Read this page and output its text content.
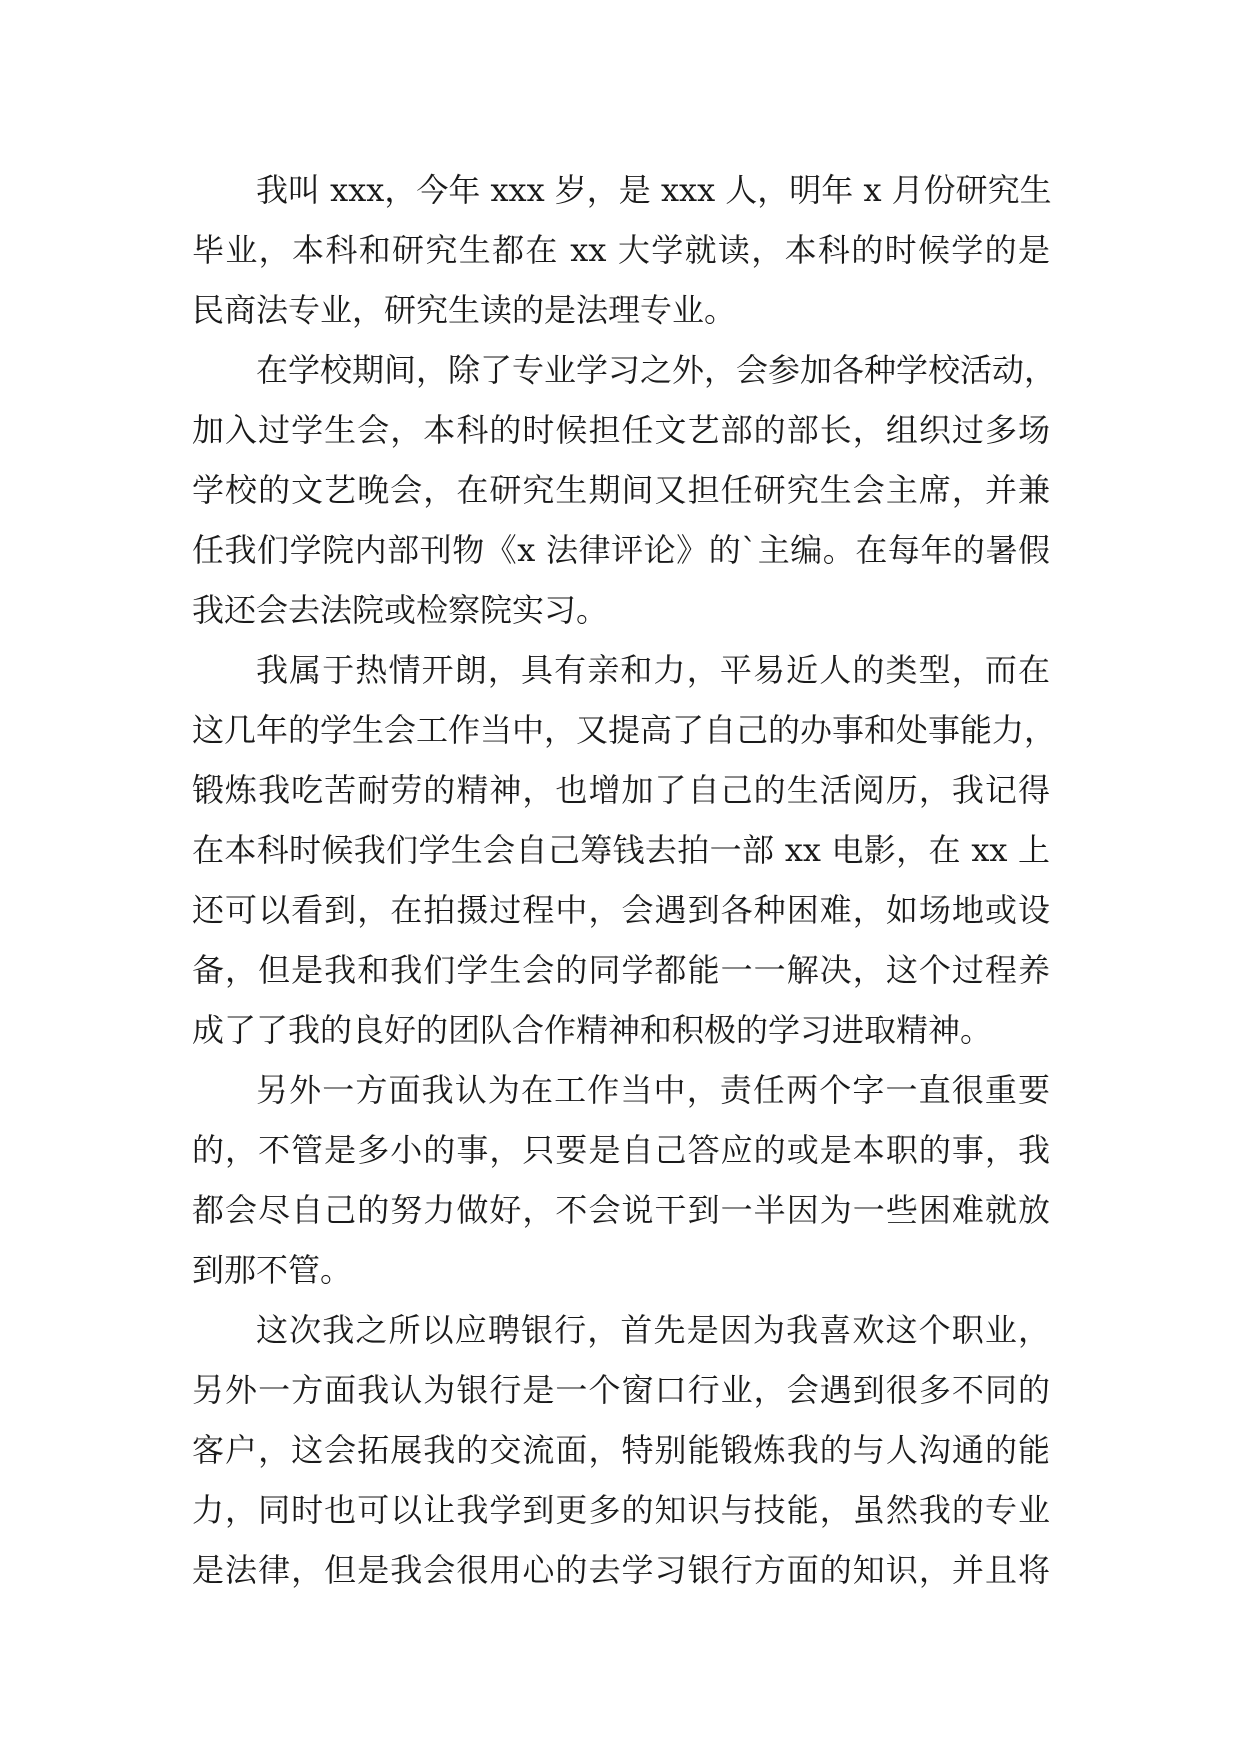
我叫 xxx，今年 xxx 岁，是 xxx 人，明年 x 月份研究生
毕业，本科和研究生都在 xx 大学就读，本科的时候学的是
民商法专业，研究生读的是法理专业。
在学校期间，除了专业学习之外，会参加各种学校活动，
加入过学生会，本科的时候担任文艺部的部长，组织过多场
学校的文艺晚会，在研究生期间又担任研究生会主席，并兼
任我们学院内部刊物《x 法律评论》的`主编。在每年的暑假
我还会去法院或检察院实习。
我属于热情开朗，具有亲和力，平易近人的类型，而在
这几年的学生会工作当中，又提高了自己的办事和处事能力，
锻炼我吃苦耐劳的精神，也增加了自己的生活阅历，我记得
在本科时候我们学生会自己筹钱去拍一部 xx 电影，在 xx 上
还可以看到，在拍摄过程中，会遇到各种困难，如场地或设
备，但是我和我们学生会的同学都能一一解决，这个过程养
成了了我的良好的团队合作精神和积极的学习进取精神。
另外一方面我认为在工作当中，责任两个字一直很重要
的，不管是多小的事，只要是自己答应的或是本职的事，我
都会尽自己的努力做好，不会说干到一半因为一些困难就放
到那不管。
这次我之所以应聘银行，首先是因为我喜欢这个职业，
另外一方面我认为银行是一个窗口行业，会遇到很多不同的
客户，这会拓展我的交流面，特别能锻炼我的与人沟通的能
力，同时也可以让我学到更多的知识与技能，虽然我的专业
是法律，但是我会很用心的去学习银行方面的知识，并且将
